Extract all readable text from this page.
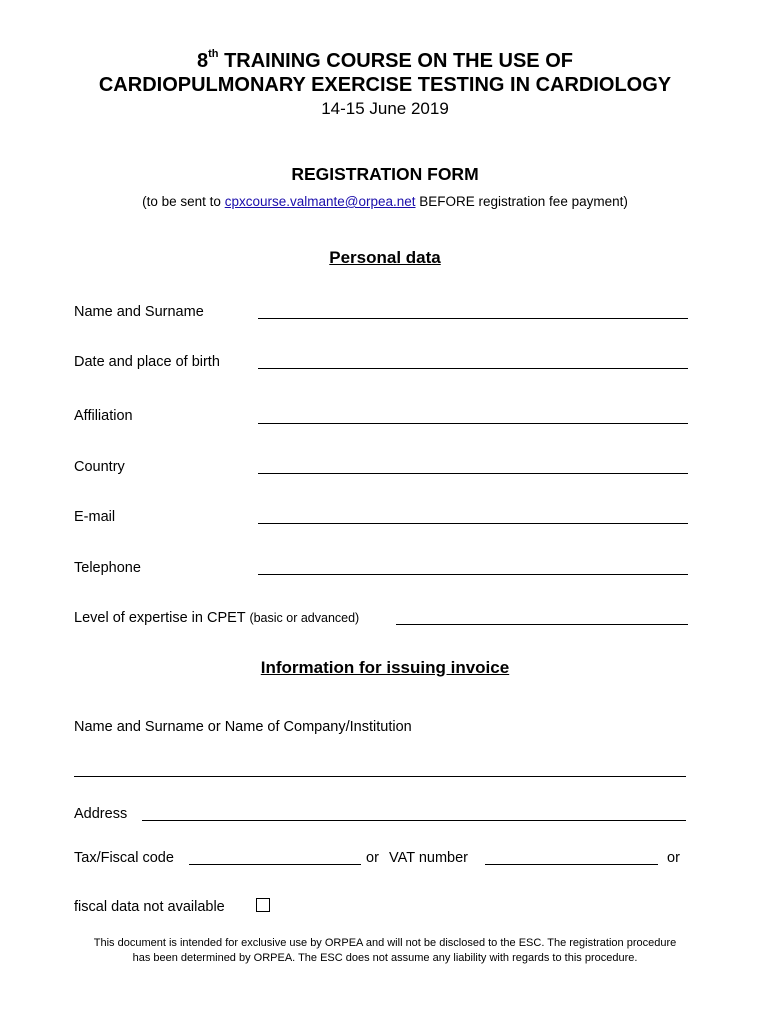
8th TRAINING COURSE ON THE USE OF
CARDIOPULMONARY EXERCISE TESTING IN CARDIOLOGY
14-15 June 2019
REGISTRATION FORM
(to be sent to cpxcourse.valmante@orpea.net BEFORE registration fee payment)
Personal data
Name and Surname
Date and place of birth
Affiliation
Country
E-mail
Telephone
Level of expertise in CPET (basic or advanced)
Information for issuing invoice
Name and Surname or Name of Company/Institution
Address
Tax/Fiscal code	or VAT number	or
fiscal data not available
This document is intended for exclusive use by ORPEA and will not be disclosed to the ESC. The registration procedure
has been determined by ORPEA. The ESC does not assume any liability with regards to this procedure.
